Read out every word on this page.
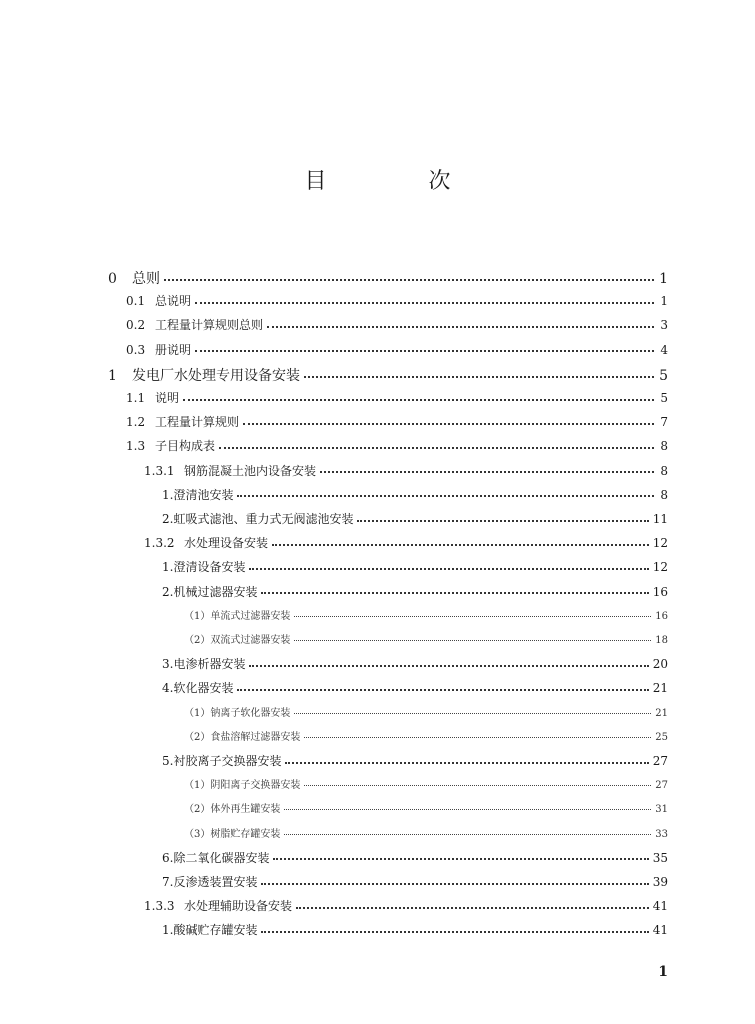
目　次
0	总则	1
0.1 总说明	1
0.2 工程量计算规则总则	3
0.3 册说明	4
1	发电厂水处理专用设备安装	5
1.1 说明	5
1.2 工程量计算规则	7
1.3 子目构成表	8
1.3.1 钢筋混凝土池内设备安装	8
1.澄清池安装	8
2.虹吸式滤池、重力式无阀滤池安装	11
1.3.2 水处理设备安装	12
1.澄清设备安装	12
2.机械过滤器安装	16
（1）单流式过滤器安装	16
（2）双流式过滤器安装	18
3.电渗析器安装	20
4.软化器安装	21
（1）钠离子软化器安装	21
（2）食盐溶解过滤器安装	25
5.衬胶离子交换器安装	27
（1）阴阳离子交换器安装	27
（2）体外再生罐安装	31
（3）树脂贮存罐安装	33
6.除二氧化碳器安装	35
7.反渗透装置安装	39
1.3.3 水处理辅助设备安装	41
1.酸碱贮存罐安装	41
1
